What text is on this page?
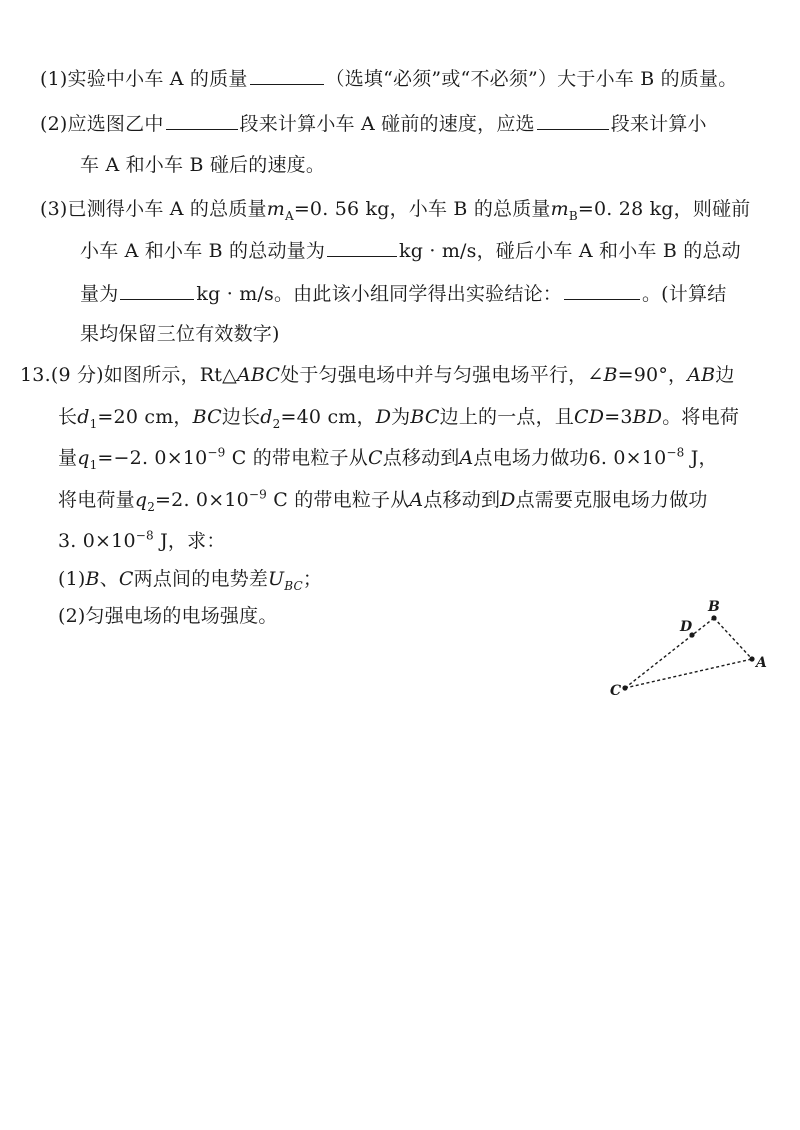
(1)实验中小车 A 的质量	（选填“必须”或“不必须”）大于小车 B 的质量。
(2)应选图乙中	段来计算小车 A 碰前的速度，应选	段来计算小
车 A 和小车 B 碰后的速度。
(3)已测得小车 A 的总质量$m_A=0$. 56 kg，小车 B 的总质量$m_B=0$. 28 kg，则碰前
小车 A 和小车 B 的总动量为	kg · m/s，碰后小车 A 和小车 B 的总动
量为	kg · m/s。由此该小组同学得出实验结论：	。(计算结
果均保留三位有效数字)
13.(9 分)如图所示，Rt△ABC处于匀强电场中并与匀强电场平行，∠B=90°，AB边
长$d_1=20$ cm，BC边长$d_2=40$ cm，D为BC边上的一点，且CD=3BD。将电荷
量$q_1=-2$. $0\times 10^{-9}$ C 的带电粒子从C点移动到A点电场力做功6. $0\times 10^{-8}$ J，
将电荷量$q_2=2$. $0\times 10^{-9}$ C 的带电粒子从A点移动到D点需要克服电场力做功
3. $0\times 10^{-8}$ J，求：
(1)B、C两点间的电势差$U_{BC}$；
(2)匀强电场的电场强度。	B
D
A
C
